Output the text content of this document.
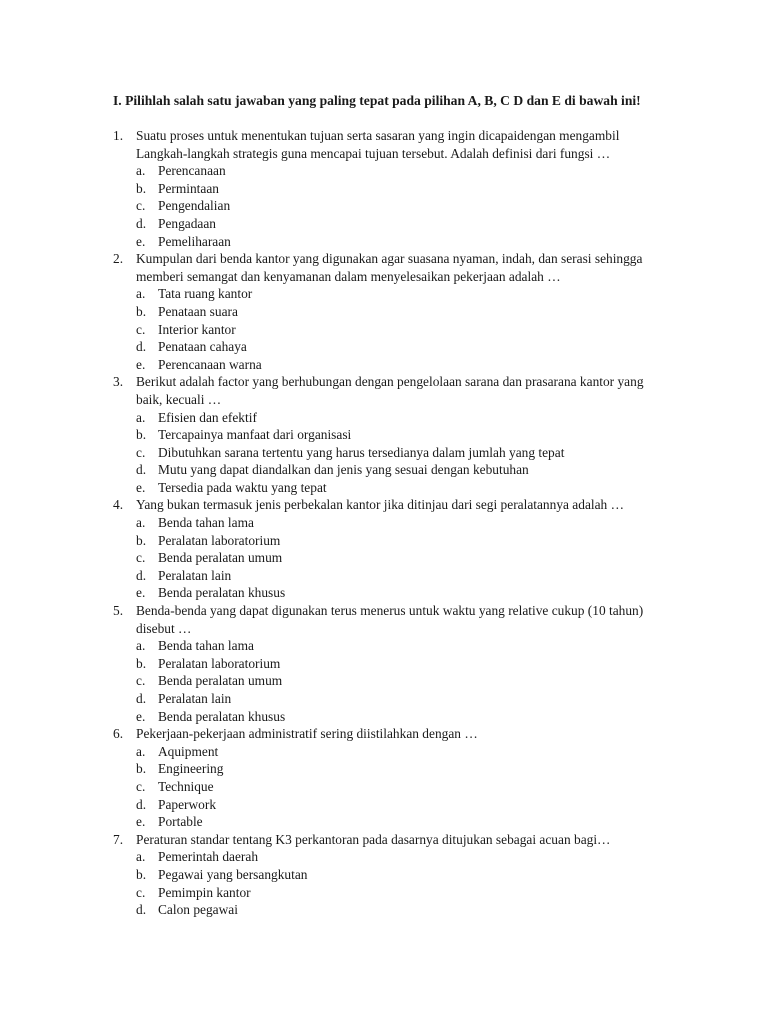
I. Pilihlah salah satu jawaban yang paling tepat pada pilihan A, B, C D dan E di bawah ini!
1. Suatu proses untuk menentukan tujuan serta sasaran yang ingin dicapaidengan mengambil Langkah-langkah strategis guna mencapai tujuan tersebut. Adalah definisi dari fungsi …
a. Perencanaan
b. Permintaan
c. Pengendalian
d. Pengadaan
e. Pemeliharaan
2. Kumpulan dari benda kantor yang digunakan agar suasana nyaman, indah, dan serasi sehingga memberi semangat dan kenyamanan dalam menyelesaikan pekerjaan adalah …
a. Tata ruang kantor
b. Penataan suara
c. Interior kantor
d. Penataan cahaya
e. Perencanaan warna
3. Berikut adalah factor yang berhubungan dengan pengelolaan sarana dan prasarana kantor yang baik, kecuali …
a. Efisien dan efektif
b. Tercapainya manfaat dari organisasi
c. Dibutuhkan sarana tertentu yang harus tersedianya dalam jumlah yang tepat
d. Mutu yang dapat diandalkan dan jenis yang sesuai dengan kebutuhan
e. Tersedia pada waktu yang tepat
4. Yang bukan termasuk jenis perbekalan kantor jika ditinjau dari segi peralatannya adalah …
a. Benda tahan lama
b. Peralatan laboratorium
c. Benda peralatan umum
d. Peralatan lain
e. Benda peralatan khusus
5. Benda-benda yang dapat digunakan terus menerus untuk waktu yang relative cukup (10 tahun) disebut …
a. Benda tahan lama
b. Peralatan laboratorium
c. Benda peralatan umum
d. Peralatan lain
e. Benda peralatan khusus
6. Pekerjaan-pekerjaan administratif sering diistilahkan dengan …
a. Aquipment
b. Engineering
c. Technique
d. Paperwork
e. Portable
7. Peraturan standar tentang K3 perkantoran pada dasarnya ditujukan sebagai acuan bagi…
a. Pemerintah daerah
b. Pegawai yang bersangkutan
c. Pemimpin kantor
d. Calon pegawai
